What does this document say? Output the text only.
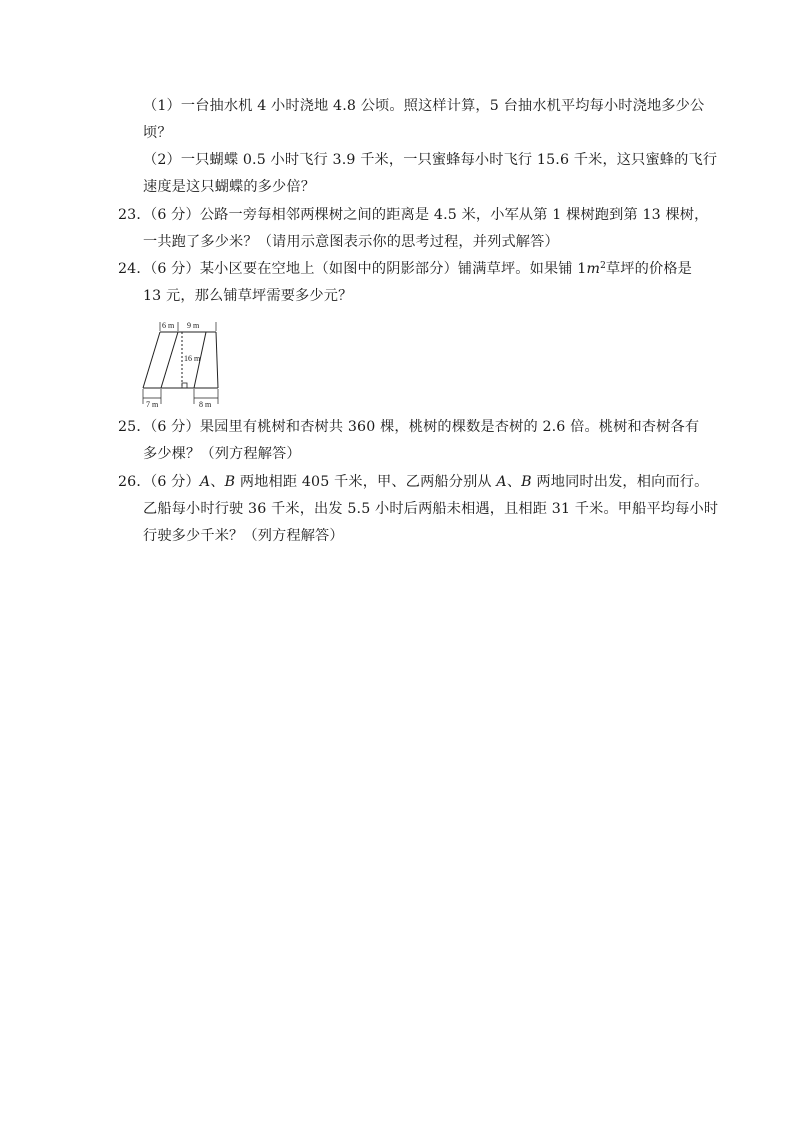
（1）一台抽水机 4 小时浇地 4.8 公顷。照这样计算，5 台抽水机平均每小时浇地多少公
顷？
（2）一只蝴蝶 0.5 小时飞行 3.9 千米，一只蜜蜂每小时飞行 15.6 千米，这只蜜蜂的飞行
速度是这只蝴蝶的多少倍？
23．
（6 分）公路一旁每相邻两棵树之间的距离是 4.5 米，小军从第 1 棵树跑到第 13 棵树，
一共跑了多少米？（请用示意图表示你的思考过程，并列式解答）
24．
（6 分）某小区要在空地上（如图中的阴影部分）铺满草坪。如果铺 $1m^2$草坪的价格是
13 元，那么铺草坪需要多少元？
6 m 9 m
16 m
7 m	8 m
25．
（6 分）果园里有桃树和杏树共 360 棵，桃树的棵数是杏树的 2.6 倍。桃树和杏树各有
多少棵？（列方程解答）
26．
（6 分）A、B 两地相距 405 千米，甲、乙两船分别从 A、B 两地同时出发，相向而行。
乙船每小时行驶 36 千米，出发 5.5 小时后两船未相遇，且相距 31 千米。甲船平均每小时
行驶多少千米？（列方程解答）
